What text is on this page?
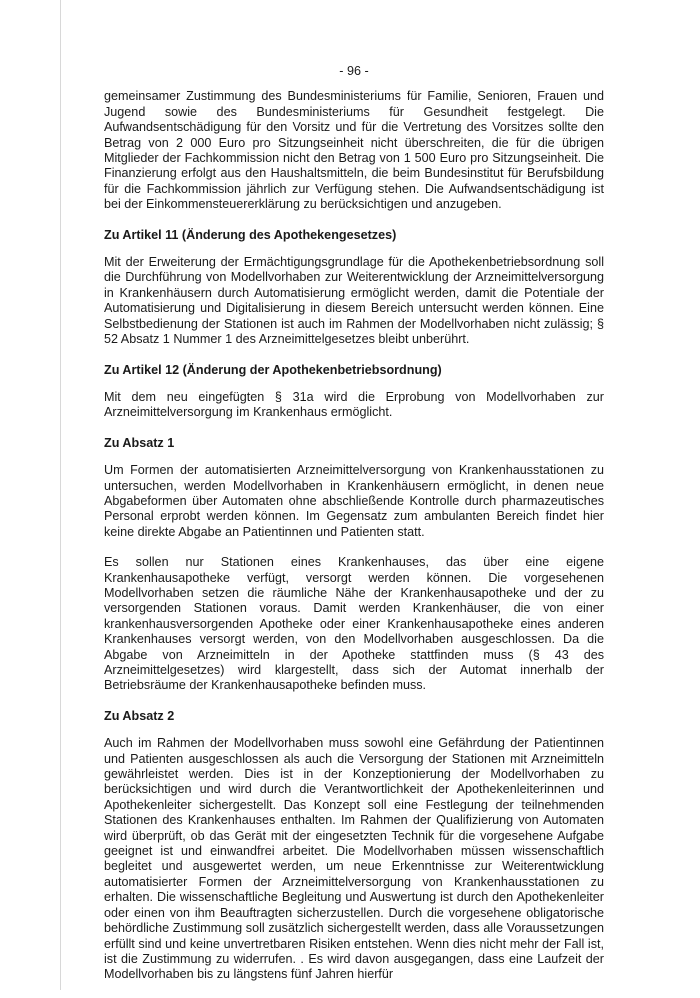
- 96 -

gemeinsamer Zustimmung des Bundesministeriums für Familie, Senioren, Frauen und Jugend sowie des Bundesministeriums für Gesundheit festgelegt. Die Aufwandsentschädigung für den Vorsitz und für die Vertretung des Vorsitzes sollte den Betrag von 2 000 Euro pro Sitzungseinheit nicht überschreiten, die für die übrigen Mitglieder der Fachkommission nicht den Betrag von 1 500 Euro pro Sitzungseinheit. Die Finanzierung erfolgt aus den Haushaltsmitteln, die beim Bundesinstitut für Berufsbildung für die Fachkommission jährlich zur Verfügung stehen. Die Aufwandsentschädigung ist bei der Einkommensteuererklärung zu berücksichtigen und anzugeben.

Zu Artikel 11 (Änderung des Apothekengesetzes)

Mit der Erweiterung der Ermächtigungsgrundlage für die Apothekenbetriebsordnung soll die Durchführung von Modellvorhaben zur Weiterentwicklung der Arzneimittelversorgung in Krankenhäusern durch Automatisierung ermöglicht werden, damit die Potentiale der Automatisierung und Digitalisierung in diesem Bereich untersucht werden können. Eine Selbstbedienung der Stationen ist auch im Rahmen der Modellvorhaben nicht zulässig; § 52 Absatz 1 Nummer 1 des Arzneimittelgesetzes bleibt unberührt.

Zu Artikel 12 (Änderung der Apothekenbetriebsordnung)

Mit dem neu eingefügten § 31a wird die Erprobung von Modellvorhaben zur Arzneimittelversorgung im Krankenhaus ermöglicht.

Zu Absatz 1

Um Formen der automatisierten Arzneimittelversorgung von Krankenhausstationen zu untersuchen, werden Modellvorhaben in Krankenhäusern ermöglicht, in denen neue Abgabeformen über Automaten ohne abschließende Kontrolle durch pharmazeutisches Personal erprobt werden können. Im Gegensatz zum ambulanten Bereich findet hier keine direkte Abgabe an Patientinnen und Patienten statt.

Es sollen nur Stationen eines Krankenhauses, das über eine eigene Krankenhausapotheke verfügt, versorgt werden können. Die vorgesehenen Modellvorhaben setzen die räumliche Nähe der Krankenhausapotheke und der zu versorgenden Stationen voraus. Damit werden Krankenhäuser, die von einer krankenhausversorgenden Apotheke oder einer Krankenhausapotheke eines anderen Krankenhauses versorgt werden, von den Modellvorhaben ausgeschlossen. Da die Abgabe von Arzneimitteln in der Apotheke stattfinden muss (§ 43 des Arzneimittelgesetzes) wird klargestellt, dass sich der Automat innerhalb der Betriebsräume der Krankenhausapotheke befinden muss.

Zu Absatz 2

Auch im Rahmen der Modellvorhaben muss sowohl eine Gefährdung der Patientinnen und Patienten ausgeschlossen als auch die Versorgung der Stationen mit Arzneimitteln gewährleistet werden. Dies ist in der Konzeptionierung der Modellvorhaben zu berücksichtigen und wird durch die Verantwortlichkeit der Apothekenleiterinnen und Apothekenleiter sichergestellt. Das Konzept soll eine Festlegung der teilnehmenden Stationen des Krankenhauses enthalten. Im Rahmen der Qualifizierung von Automaten wird überprüft, ob das Gerät mit der eingesetzten Technik für die vorgesehene Aufgabe geeignet ist und einwandfrei arbeitet. Die Modellvorhaben müssen wissenschaftlich begleitet und ausgewertet werden, um neue Erkenntnisse zur Weiterentwicklung automatisierter Formen der Arzneimittelversorgung von Krankenhausstationen zu erhalten. Die wissenschaftliche Begleitung und Auswertung ist durch den Apothekenleiter oder einen von ihm Beauftragten sicherzustellen. Durch die vorgesehene obligatorische behördliche Zustimmung soll zusätzlich sichergestellt werden, dass alle Voraussetzungen erfüllt sind und keine unvertretbaren Risiken entstehen. Wenn dies nicht mehr der Fall ist, ist die Zustimmung zu widerrufen. . Es wird davon ausgegangen, dass eine Laufzeit der Modellvorhaben bis zu längstens fünf Jahren hierfür
